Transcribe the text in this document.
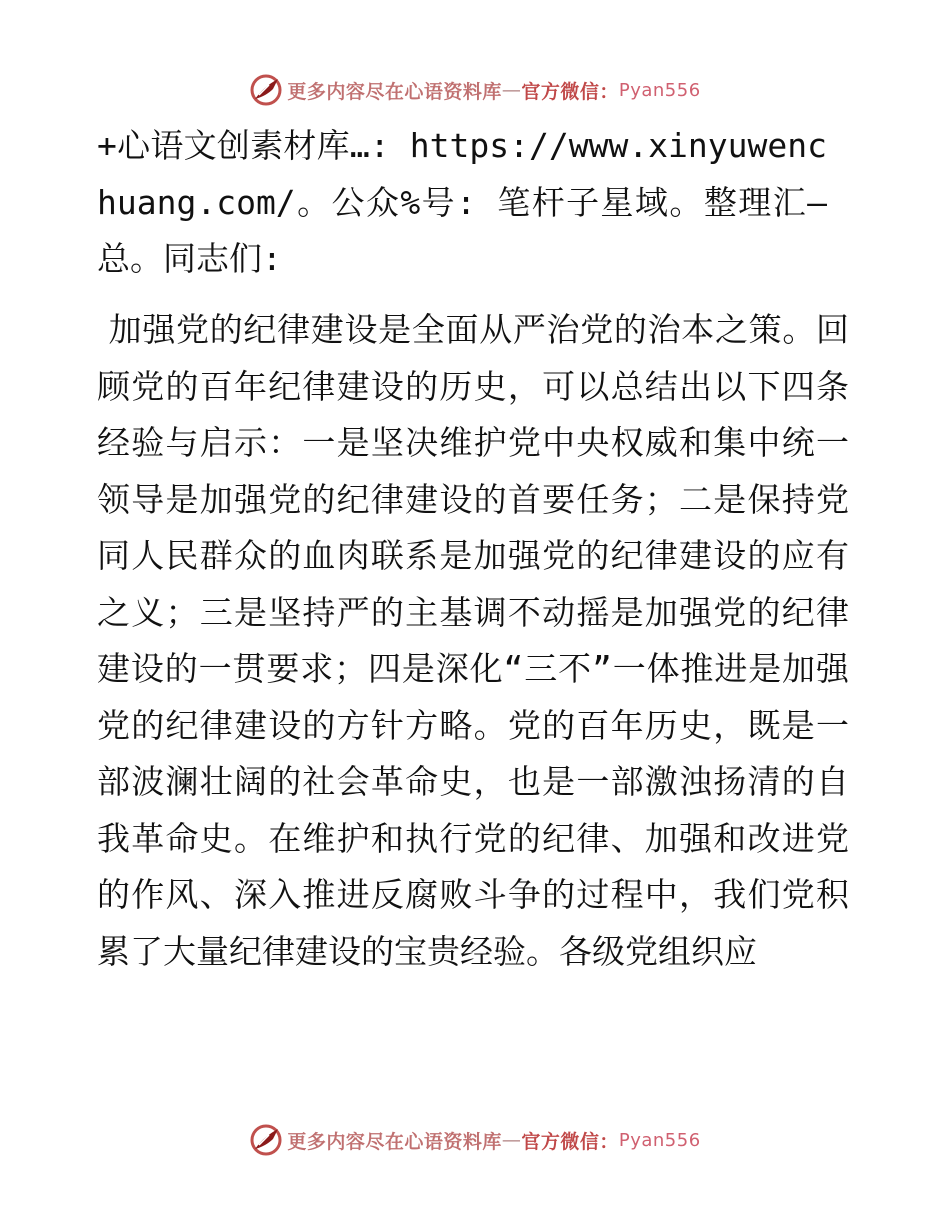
更多内容尽在心语资料库 — 官方微信： Pyan556

+心语文创素材库…: https://www.xinyuwenchuang.com/。公众%号: 笔杆子星域。整理汇—总。同志们:

加强党的纪律建设是全面从严治党的治本之策。回顾党的百年纪律建设的历史，可以总结出以下四条经验与启示：一是坚决维护党中央权威和集中统一领导是加强党的纪律建设的首要任务；二是保持党同人民群众的血肉联系是加强党的纪律建设的应有之义；三是坚持严的主基调不动摇是加强党的纪律建设的一贯要求；四是深化“三不”一体推进是加强党的纪律建设的方针方略。党的百年历史，既是一部波澜壮阔的社会革命史，也是一部激浊扬清的自我革命史。在维护和执行党的纪律、加强和改进党的作风、深入推进反腐败斗争的过程中，我们党积累了大量纪律建设的宝贵经验。各级党组织应

更多内容尽在心语资料库 — 官方微信： Pyan556
